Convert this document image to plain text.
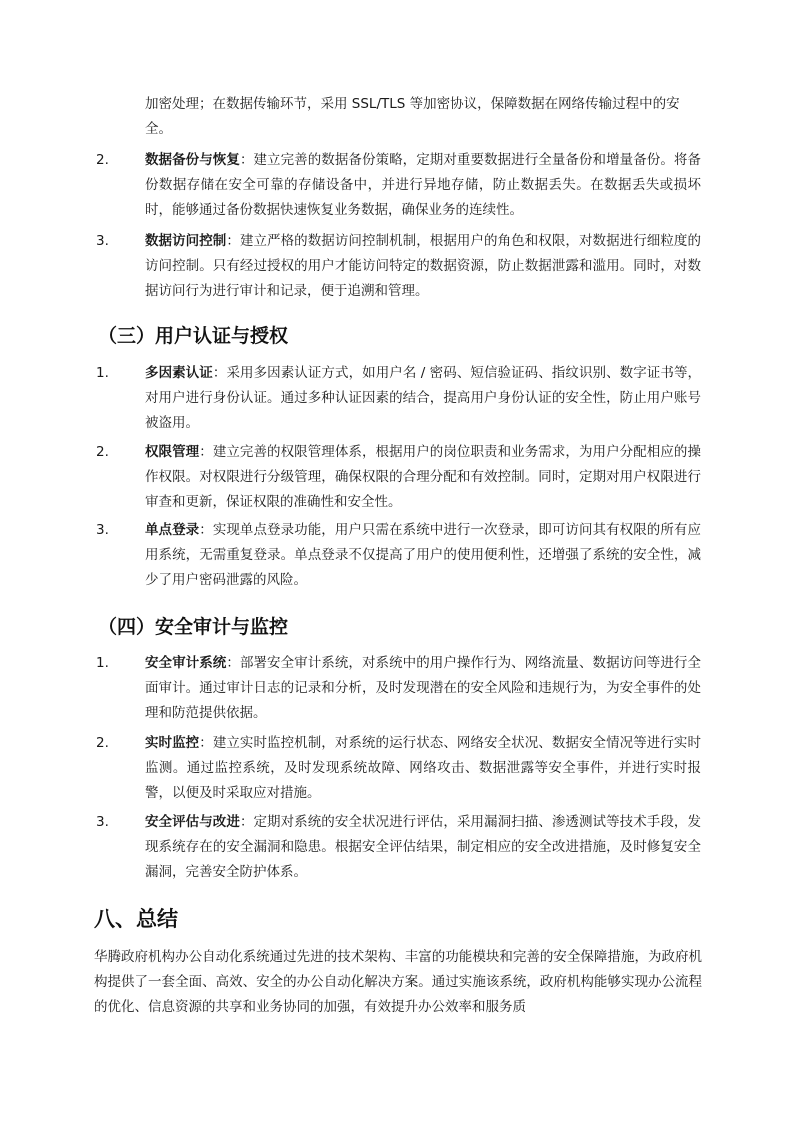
加密处理；在数据传输环节，采用 SSL/TLS 等加密协议，保障数据在网络传输过程中的安全。
2.	数据备份与恢复：建立完善的数据备份策略，定期对重要数据进行全量备份和增量备份。将备份数据存储在安全可靠的存储设备中，并进行异地存储，防止数据丢失。在数据丢失或损坏时，能够通过备份数据快速恢复业务数据，确保业务的连续性。
3.	数据访问控制：建立严格的数据访问控制机制，根据用户的角色和权限，对数据进行细粒度的访问控制。只有经过授权的用户才能访问特定的数据资源，防止数据泄露和滥用。同时，对数据访问行为进行审计和记录，便于追溯和管理。
（三）用户认证与授权
1.	多因素认证：采用多因素认证方式，如用户名 / 密码、短信验证码、指纹识别、数字证书等，对用户进行身份认证。通过多种认证因素的结合，提高用户身份认证的安全性，防止用户账号被盗用。
2.	权限管理：建立完善的权限管理体系，根据用户的岗位职责和业务需求，为用户分配相应的操作权限。对权限进行分级管理，确保权限的合理分配和有效控制。同时，定期对用户权限进行审查和更新，保证权限的准确性和安全性。
3.	单点登录：实现单点登录功能，用户只需在系统中进行一次登录，即可访问其有权限的所有应用系统，无需重复登录。单点登录不仅提高了用户的使用便利性，还增强了系统的安全性，减少了用户密码泄露的风险。
（四）安全审计与监控
1.	安全审计系统：部署安全审计系统，对系统中的用户操作行为、网络流量、数据访问等进行全面审计。通过审计日志的记录和分析，及时发现潜在的安全风险和违规行为，为安全事件的处理和防范提供依据。
2.	实时监控：建立实时监控机制，对系统的运行状态、网络安全状况、数据安全情况等进行实时监测。通过监控系统，及时发现系统故障、网络攻击、数据泄露等安全事件，并进行实时报警，以便及时采取应对措施。
3.	安全评估与改进：定期对系统的安全状况进行评估，采用漏洞扫描、渗透测试等技术手段，发现系统存在的安全漏洞和隐患。根据安全评估结果，制定相应的安全改进措施，及时修复安全漏洞，完善安全防护体系。
八、总结
华腾政府机构办公自动化系统通过先进的技术架构、丰富的功能模块和完善的安全保障措施，为政府机构提供了一套全面、高效、安全的办公自动化解决方案。通过实施该系统，政府机构能够实现办公流程的优化、信息资源的共享和业务协同的加强，有效提升办公效率和服务质
